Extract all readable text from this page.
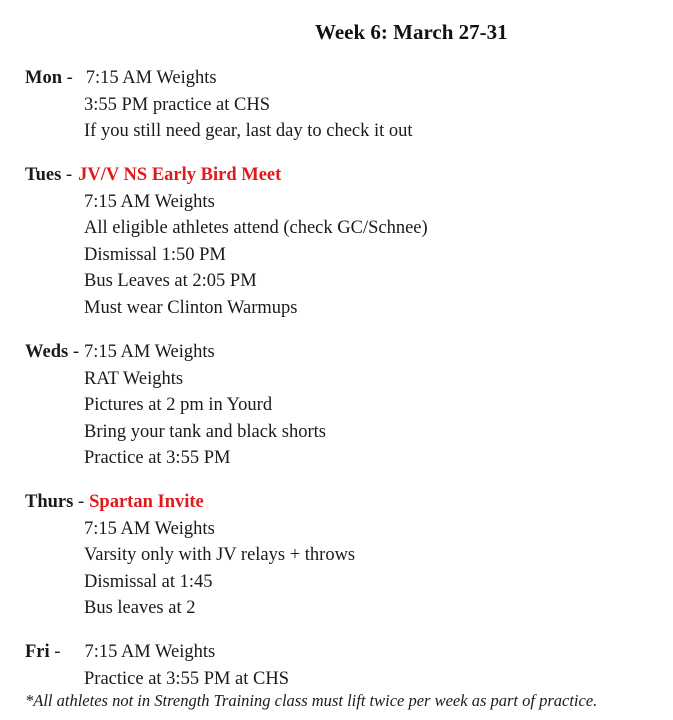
Week 6: March 27-31
Mon - 7:15 AM Weights
3:55 PM practice at CHS
If you still need gear, last day to check it out
Tues - JV/V NS Early Bird Meet
7:15 AM Weights
All eligible athletes attend (check GC/Schnee)
Dismissal 1:50 PM
Bus Leaves at 2:05 PM
Must wear Clinton Warmups
Weds - 7:15 AM Weights
RAT Weights
Pictures at 2 pm in Yourd
Bring your tank and black shorts
Practice at 3:55 PM
Thurs - Spartan Invite
7:15 AM Weights
Varsity only with JV relays + throws
Dismissal at 1:45
Bus leaves at 2
Fri - 7:15 AM Weights
Practice at 3:55 PM at CHS
*All athletes not in Strength Training class must lift twice per week as part of practice.
